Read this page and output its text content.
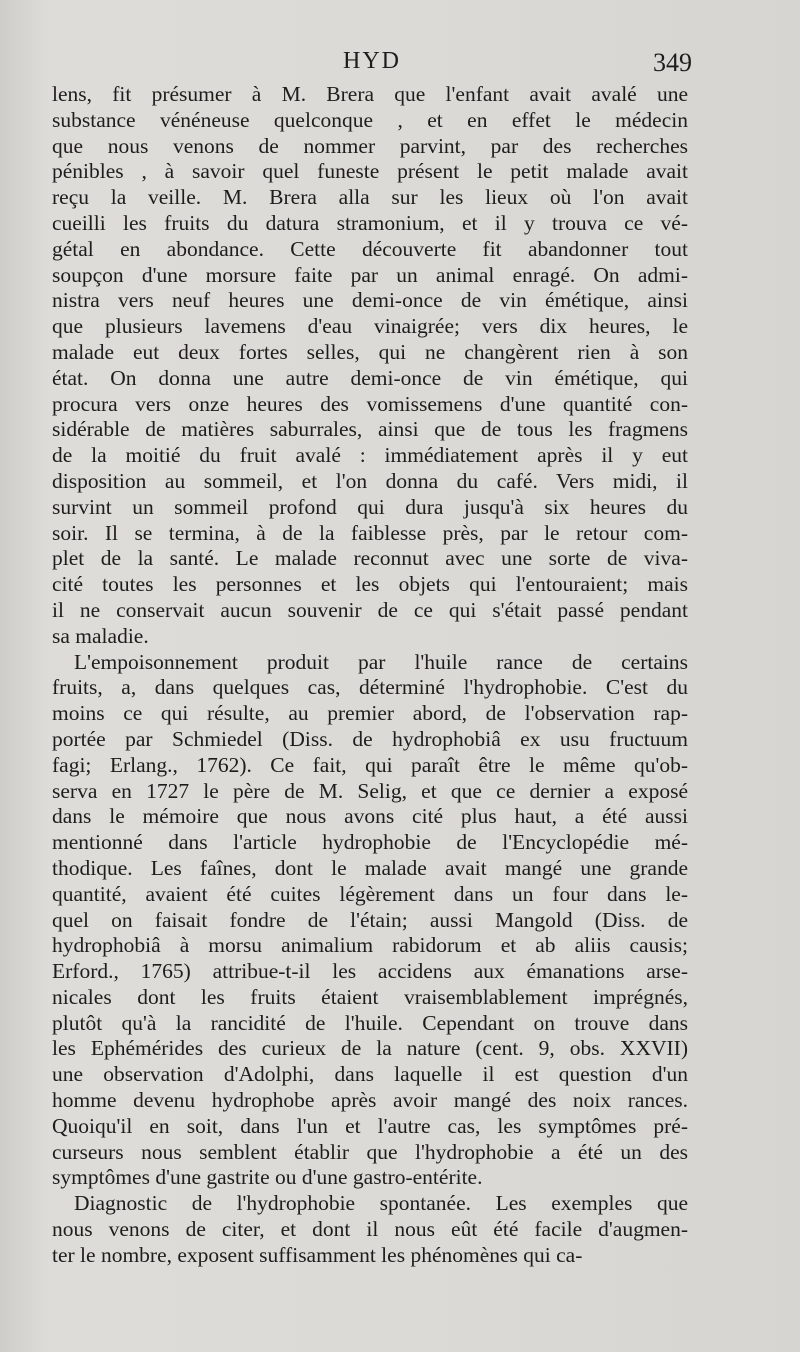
HYD	349
lens, fit présumer à M. Brera que l'enfant avait avalé une
substance vénéneuse quelconque , et en effet le médecin
que nous venons de nommer parvint, par des recherches
pénibles , à savoir quel funeste présent le petit malade avait
reçu la veille. M. Brera alla sur les lieux où l'on avait
cueilli les fruits du datura stramonium, et il y trouva ce vé-
gétal en abondance. Cette découverte fit abandonner tout
soupçon d'une morsure faite par un animal enragé. On admi-
nistra vers neuf heures une demi-once de vin émétique, ainsi
que plusieurs lavemens d'eau vinaigrée; vers dix heures, le
malade eut deux fortes selles, qui ne changèrent rien à son
état. On donna une autre demi-once de vin émétique, qui
procura vers onze heures des vomissemens d'une quantité con-
sidérable de matières saburrales, ainsi que de tous les fragmens
de la moitié du fruit avalé : immédiatement après il y eut
disposition au sommeil, et l'on donna du café. Vers midi, il
survint un sommeil profond qui dura jusqu'à six heures du
soir. Il se termina, à de la faiblesse près, par le retour com-
plet de la santé. Le malade reconnut avec une sorte de viva-
cité toutes les personnes et les objets qui l'entouraient; mais
il ne conservait aucun souvenir de ce qui s'était passé pendant
sa maladie.
L'empoisonnement produit par l'huile rance de certains
fruits, a, dans quelques cas, déterminé l'hydrophobie. C'est du
moins ce qui résulte, au premier abord, de l'observation rap-
portée par Schmiedel (Diss. de hydrophobiâ ex usu fructuum
fagi; Erlang., 1762). Ce fait, qui paraît être le même qu'ob-
serva en 1727 le père de M. Selig, et que ce dernier a exposé
dans le mémoire que nous avons cité plus haut, a été aussi
mentionné dans l'article hydrophobie de l'Encyclopédie mé-
thodique. Les faînes, dont le malade avait mangé une grande
quantité, avaient été cuites légèrement dans un four dans le-
quel on faisait fondre de l'étain; aussi Mangold (Diss. de
hydrophobiâ à morsu animalium rabidorum et ab aliis causis;
Erford., 1765) attribue-t-il les accidens aux émanations arse-
nicales dont les fruits étaient vraisemblablement imprégnés,
plutôt qu'à la rancidité de l'huile. Cependant on trouve dans
les Ephémérides des curieux de la nature (cent. 9, obs. XXVII)
une observation d'Adolphi, dans laquelle il est question d'un
homme devenu hydrophobe après avoir mangé des noix rances.
Quoiqu'il en soit, dans l'un et l'autre cas, les symptômes pré-
curseurs nous semblent établir que l'hydrophobie a été un des
symptômes d'une gastrite ou d'une gastro-entérite.
Diagnostic de l'hydrophobie spontanée. Les exemples que
nous venons de citer, et dont il nous eût été facile d'augmen-
ter le nombre, exposent suffisamment les phénomènes qui ca-
